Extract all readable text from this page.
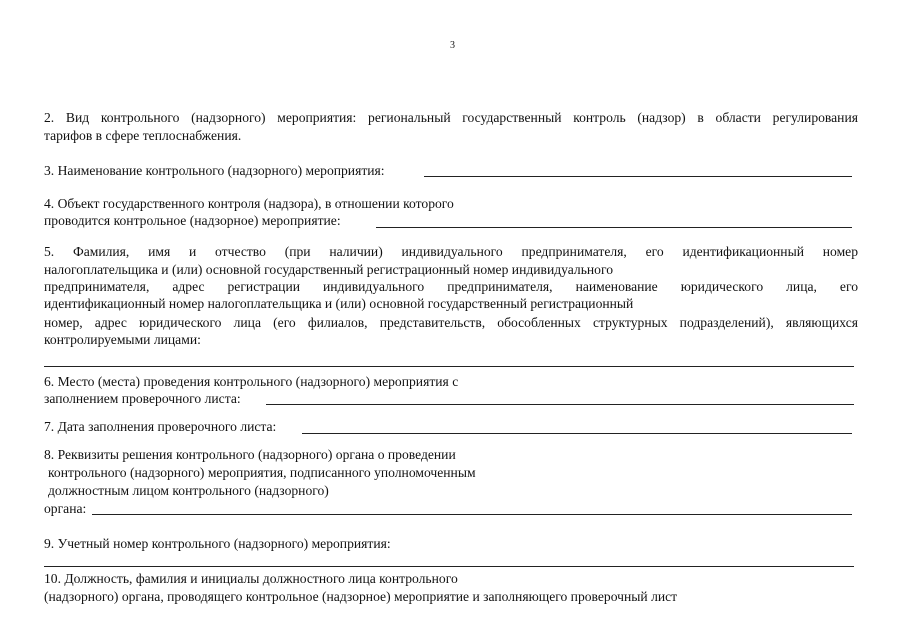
3
2. Вид контрольного (надзорного) мероприятия: региональный государственный контроль (надзор) в области регулирования
тарифов в сфере теплоснабжения.
3. Наименование контрольного (надзорного) мероприятия:
4. Объект государственного контроля (надзора), в отношении которого
проводится контрольное (надзорное) мероприятие:
5. Фамилия, имя и отчество (при наличии) индивидуального предпринимателя, его идентификационный номер
налогоплательщика и (или) основной государственный регистрационный номер индивидуального
предпринимателя, адрес регистрации индивидуального предпринимателя, наименование юридического лица, его
идентификационный номер налогоплательщика и (или) основной государственный регистрационный
номер, адрес юридического лица (его филиалов, представительств, обособленных структурных подразделений), являющихся
контролируемыми лицами:
6. Место (места) проведения контрольного (надзорного) мероприятия с
заполнением проверочного листа:
7. Дата заполнения проверочного листа:
8. Реквизиты решения контрольного (надзорного) органа о проведении
контрольного (надзорного) мероприятия, подписанного уполномоченным
должностным лицом контрольного (надзорного)
органа:
9. Учетный номер контрольного (надзорного) мероприятия:
10. Должность, фамилия и инициалы должностного лица контрольного
(надзорного) органа, проводящего контрольное (надзорное) мероприятие и заполняющего проверочный лист
